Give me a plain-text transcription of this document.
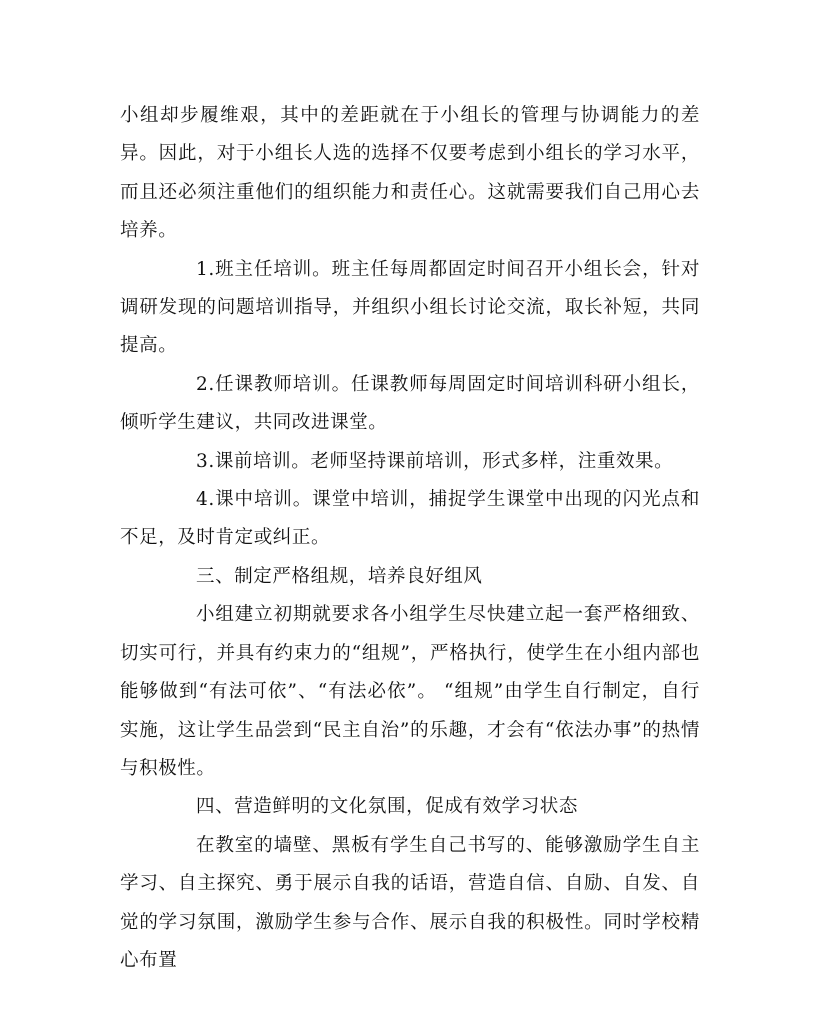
小组却步履维艰，其中的差距就在于小组长的管理与协调能力的差异。因此，对于小组长人选的选择不仅要考虑到小组长的学习水平，而且还必须注重他们的组织能力和责任心。这就需要我们自己用心去培养。

1.班主任培训。班主任每周都固定时间召开小组长会，针对调研发现的问题培训指导，并组织小组长讨论交流，取长补短，共同提高。

2.任课教师培训。任课教师每周固定时间培训科研小组长，倾听学生建议，共同改进课堂。

3.课前培训。老师坚持课前培训，形式多样，注重效果。

4.课中培训。课堂中培训，捕捉学生课堂中出现的闪光点和不足，及时肯定或纠正。

三、制定严格组规，培养良好组风

小组建立初期就要求各小组学生尽快建立起一套严格细致、切实可行，并具有约束力的“组规”，严格执行，使学生在小组内部也能够做到“有法可依”、“有法必依”。 “组规”由学生自行制定，自行实施，这让学生品尝到“民主自治”的乐趣，才会有“依法办事”的热情与积极性。

四、营造鲜明的文化氛围，促成有效学习状态

在教室的墙壁、黑板有学生自己书写的、能够激励学生自主学习、自主探究、勇于展示自我的话语，营造自信、自励、自发、自觉的学习氛围，激励学生参与合作、展示自我的积极性。同时学校精心布置
